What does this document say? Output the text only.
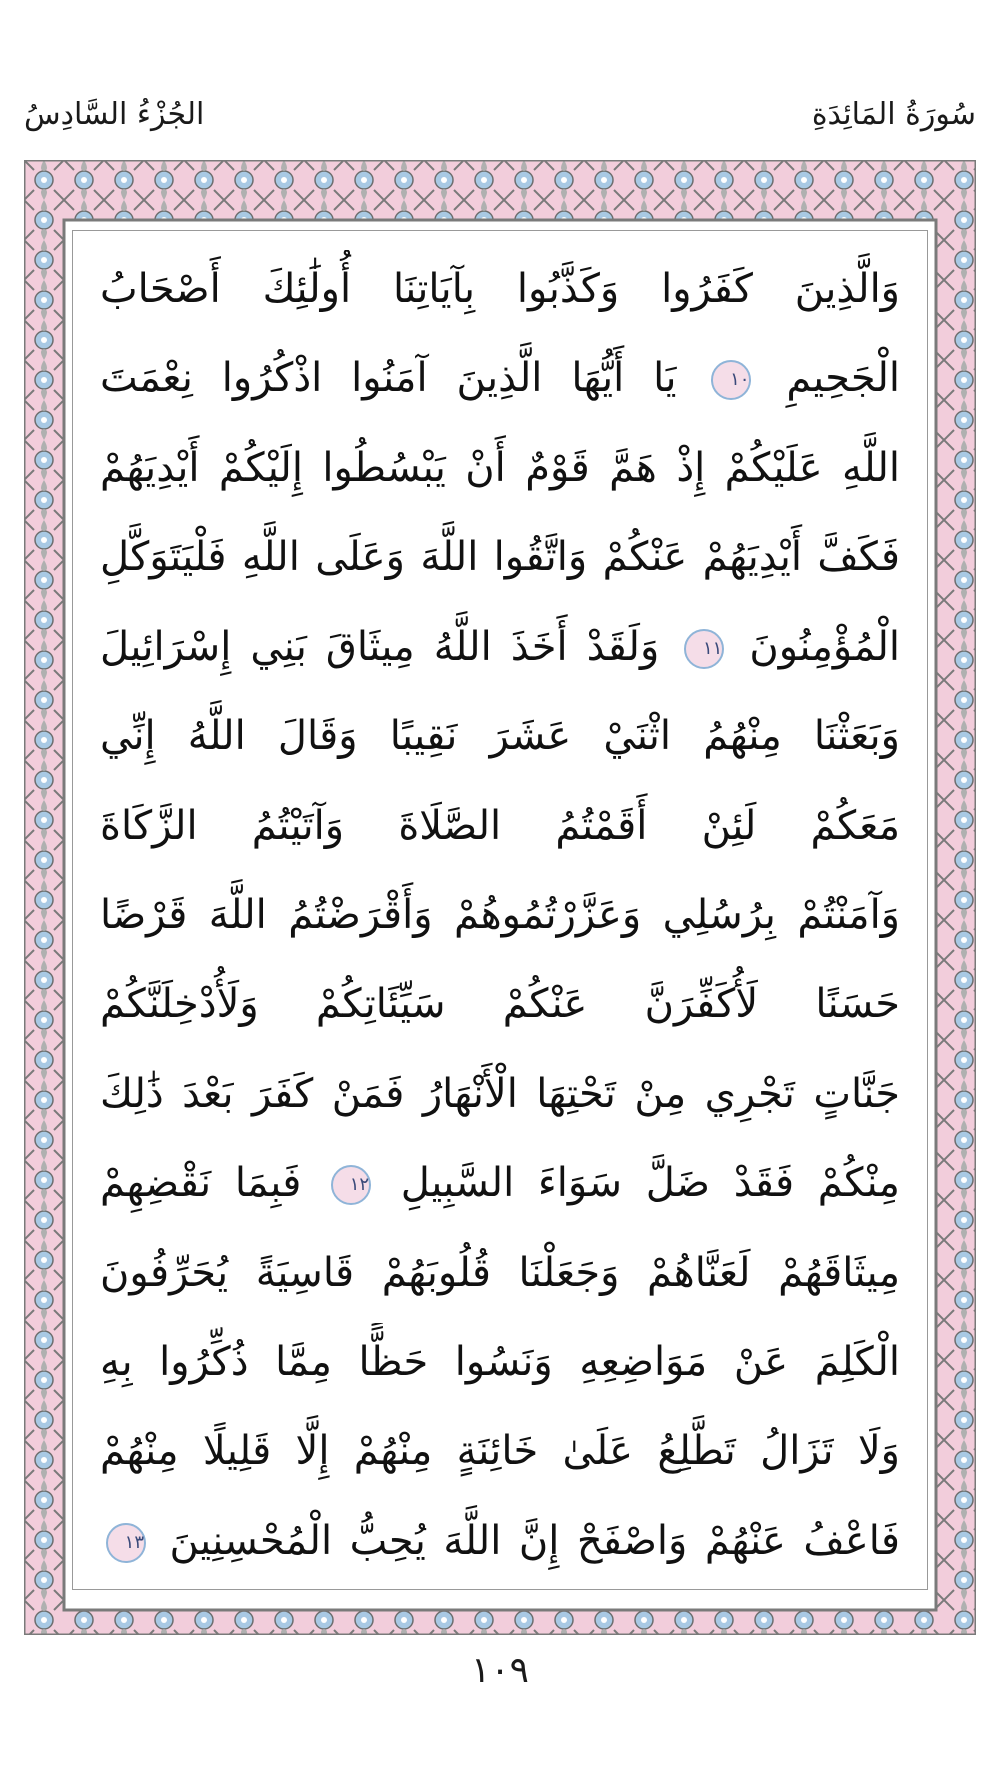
الجُزْءُ السَّادِسُ	سُورَةُ المَائِدَةِ
وَالَّذِينَ كَفَرُوا وَكَذَّبُوا بِآيَاتِنَا أُولَٰئِكَ أَصْحَابُ
الْجَحِيمِ ١٠ يَا أَيُّهَا الَّذِينَ آمَنُوا اذْكُرُوا نِعْمَتَ
اللَّهِ عَلَيْكُمْ إِذْ هَمَّ قَوْمٌ أَنْ يَبْسُطُوا إِلَيْكُمْ أَيْدِيَهُمْ
فَكَفَّ أَيْدِيَهُمْ عَنْكُمْ وَاتَّقُوا اللَّهَ وَعَلَى اللَّهِ فَلْيَتَوَكَّلِ
الْمُؤْمِنُونَ ١١ وَلَقَدْ أَخَذَ اللَّهُ مِيثَاقَ بَنِي إِسْرَائِيلَ
وَبَعَثْنَا مِنْهُمُ اثْنَيْ عَشَرَ نَقِيبًا وَقَالَ اللَّهُ إِنِّي
مَعَكُمْ لَئِنْ أَقَمْتُمُ الصَّلَاةَ وَآتَيْتُمُ الزَّكَاةَ
وَآمَنْتُمْ بِرُسُلِي وَعَزَّرْتُمُوهُمْ وَأَقْرَضْتُمُ اللَّهَ قَرْضًا
حَسَنًا لَأُكَفِّرَنَّ عَنْكُمْ سَيِّئَاتِكُمْ وَلَأُدْخِلَنَّكُمْ
جَنَّاتٍ تَجْرِي مِنْ تَحْتِهَا الْأَنْهَارُ فَمَنْ كَفَرَ بَعْدَ ذَٰلِكَ
مِنْكُمْ فَقَدْ ضَلَّ سَوَاءَ السَّبِيلِ ١٢ فَبِمَا نَقْضِهِمْ
مِيثَاقَهُمْ لَعَنَّاهُمْ وَجَعَلْنَا قُلُوبَهُمْ قَاسِيَةً يُحَرِّفُونَ
الْكَلِمَ عَنْ مَوَاضِعِهِ وَنَسُوا حَظًّا مِمَّا ذُكِّرُوا بِهِ
وَلَا تَزَالُ تَطَّلِعُ عَلَىٰ خَائِنَةٍ مِنْهُمْ إِلَّا قَلِيلًا مِنْهُمْ
فَاعْفُ عَنْهُمْ وَاصْفَحْ إِنَّ اللَّهَ يُحِبُّ الْمُحْسِنِينَ ١٣
١٠٩
